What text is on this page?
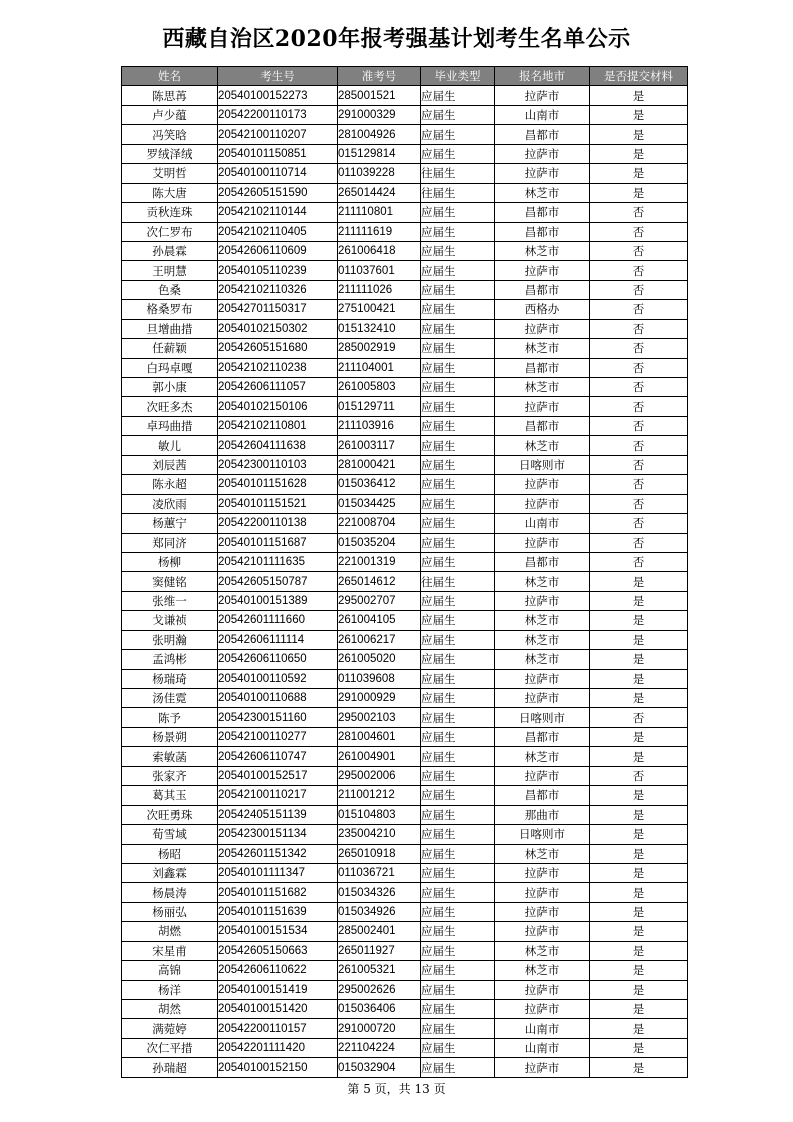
西藏自治区2020年报考强基计划考生名单公示
姓名	考生号	准考号	毕业类型	报名地市	是否提交材料
陈思苒	20540100152273	285001521	应届生	拉萨市	是
卢少蕴	20542200110173	291000329	应届生	山南市	是
冯笑晗	20542100110207	281004926	应届生	昌都市	是
罗绒泽绒	20540101150851	015129814	应届生	拉萨市	是
艾明哲	20540100110714	011039228	往届生	拉萨市	是
陈大唐	20542605151590	265014424	往届生	林芝市	是
贡秋连珠	20542102110144	211110801	应届生	昌都市	否
次仁罗布	20542102110405	211111619	应届生	昌都市	否
孙晨霖	20542606110609	261006418	应届生	林芝市	否
王明慧	20540105110239	011037601	应届生	拉萨市	否
色桑	20542102110326	211111026	应届生	昌都市	否
格桑罗布	20542701150317	275100421	应届生	西格办	否
旦增曲措	20540102150302	015132410	应届生	拉萨市	否
任薪颖	20542605151680	285002919	应届生	林芝市	否
白玛卓嘎	20542102110238	211104001	应届生	昌都市	否
郭小康	20542606111057	261005803	应届生	林芝市	否
次旺多杰	20540102150106	015129711	应届生	拉萨市	否
卓玛曲措	20542102110801	211103916	应届生	昌都市	否
敏儿	20542604111638	261003117	应届生	林芝市	否
刘辰茜	20542300110103	281000421	应届生	日喀则市	否
陈永超	20540101151628	015036412	应届生	拉萨市	否
凌欣雨	20540101151521	015034425	应届生	拉萨市	否
杨蕙宁	20542200110138	221008704	应届生	山南市	否
郑同济	20540101151687	015035204	应届生	拉萨市	否
杨柳	20542101111635	221001319	应届生	昌都市	否
窦健铭	20542605150787	265014612	往届生	林芝市	是
张维一	20540100151389	295002707	应届生	拉萨市	是
戈谦祯	20542601111660	261004105	应届生	林芝市	是
张明瀚	20542606111114	261006217	应届生	林芝市	是
孟鸿彬	20542606110650	261005020	应届生	林芝市	是
杨瑞琦	20540100110592	011039608	应届生	拉萨市	是
汤佳霓	20540100110688	291000929	应届生	拉萨市	是
陈予	20542300151160	295002103	应届生	日喀则市	否
杨景朔	20542100110277	281004601	应届生	昌都市	是
索敏菡	20542606110747	261004901	应届生	林芝市	是
张家齐	20540100152517	295002006	应届生	拉萨市	否
葛其玉	20542100110217	211001212	应届生	昌都市	是
次旺勇珠	20542405151139	015104803	应届生	那曲市	是
荀雪域	20542300151134	235004210	应届生	日喀则市	是
杨昭	20542601151342	265010918	应届生	林芝市	是
刘鑫霖	20540101111347	011036721	应届生	拉萨市	是
杨晨涛	20540101151682	015034326	应届生	拉萨市	是
杨丽弘	20540101151639	015034926	应届生	拉萨市	是
胡燃	20540100151534	285002401	应届生	拉萨市	是
宋星甫	20542605150663	265011927	应届生	林芝市	是
高锦	20542606110622	261005321	应届生	林芝市	是
杨洋	20540100151419	295002626	应届生	拉萨市	是
胡然	20540100151420	015036406	应届生	拉萨市	是
满菀婷	20542200110157	291000720	应届生	山南市	是
次仁平措	20542201111420	221104224	应届生	山南市	是
孙瑞超	20540100152150	015032904	应届生	拉萨市	是
第 5 页，共 13 页
